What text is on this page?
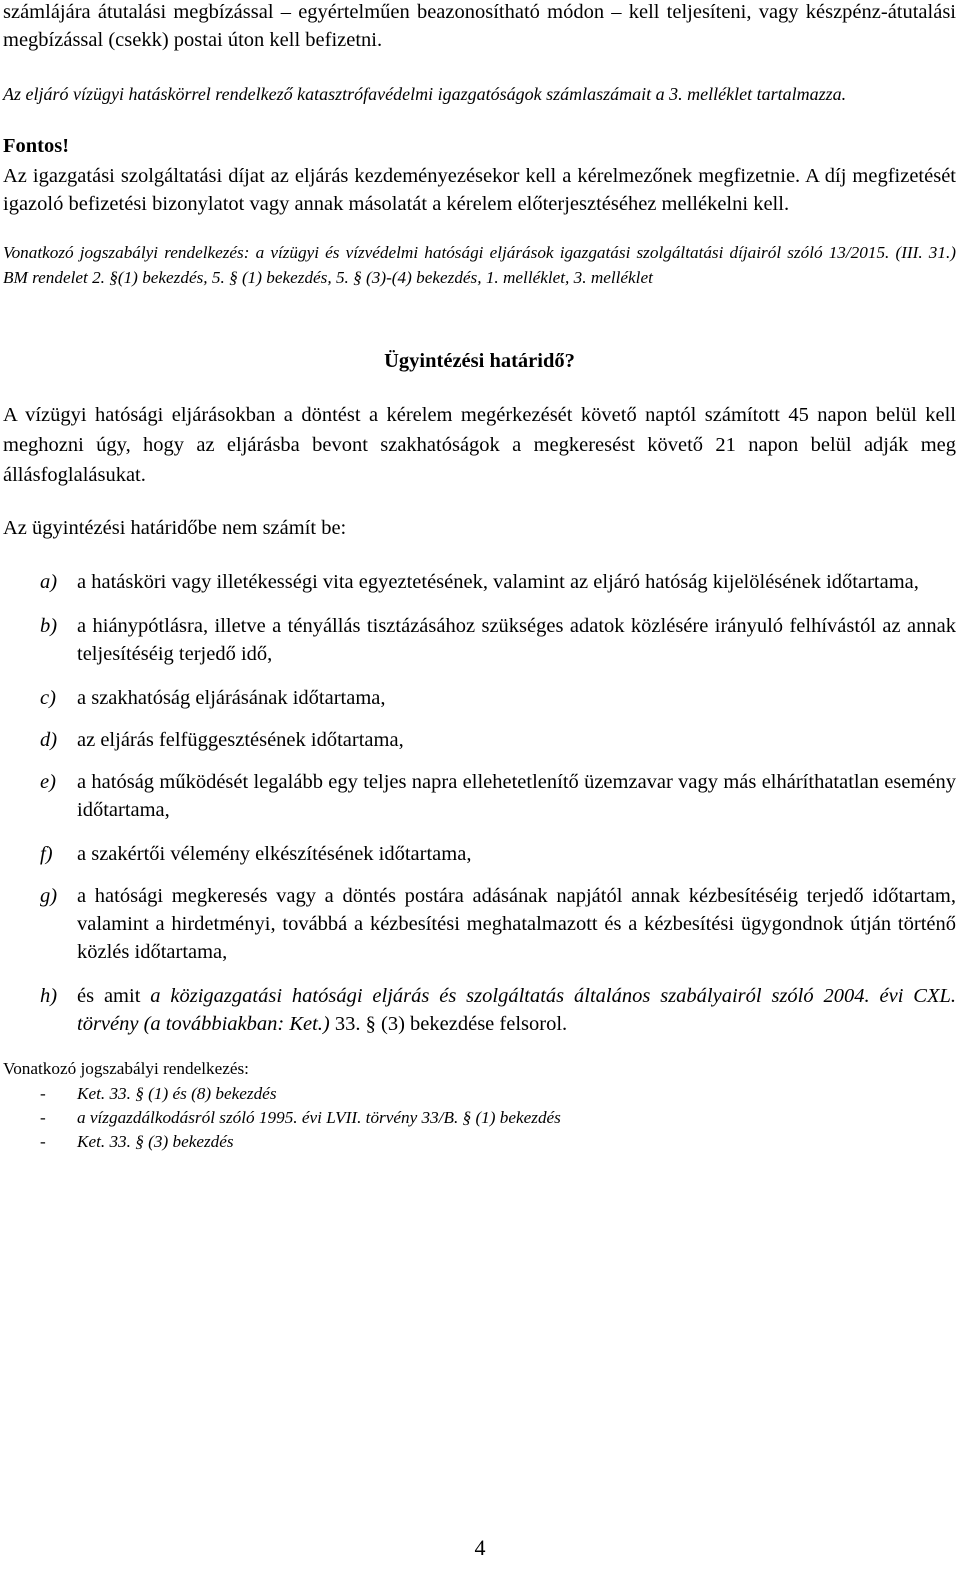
számlájára átutalási megbízással – egyértelműen beazonosítható módon – kell teljesíteni, vagy készpénz-átutalási megbízással (csekk) postai úton kell befizetni.

Az eljáró vízügyi hatáskörrel rendelkező katasztrófavédelmi igazgatóságok számlaszámait a 3. melléklet tartalmazza.

Fontos!

Az igazgatási szolgáltatási díjat az eljárás kezdeményezésekor kell a kérelmezőnek megfizetnie. A díj megfizetését igazoló befizetési bizonylatot vagy annak másolatát a kérelem előterjesztéséhez mellékelni kell.

Vonatkozó jogszabályi rendelkezés: a vízügyi és vízvédelmi hatósági eljárások igazgatási szolgáltatási díjairól szóló 13/2015. (III. 31.) BM rendelet 2. §(1) bekezdés, 5. § (1) bekezdés, 5. § (3)-(4) bekezdés, 1. melléklet, 3. melléklet

Ügyintézési határidő?

A vízügyi hatósági eljárásokban a döntést a kérelem megérkezését követő naptól számított 45 napon belül kell meghozni úgy, hogy az eljárásba bevont szakhatóságok a megkeresést követő 21 napon belül adják meg állásfoglalásukat.

Az ügyintézési határidőbe nem számít be:

a) a hatásköri vagy illetékességi vita egyeztetésének, valamint az eljáró hatóság kijelölésének időtartama,
b) a hiánypótlásra, illetve a tényállás tisztázásához szükséges adatok közlésére irányuló felhívástól az annak teljesítéséig terjedő idő,
c)	a szakhatóság eljárásának időtartama,
d) az eljárás felfüggesztésének időtartama,
e)	a hatóság működését legalább egy teljes napra ellehetetlenítő üzemzavar vagy más elháríthatatlan esemény időtartama,
f)	a szakértői vélemény elkészítésének időtartama,
g) a hatósági megkeresés vagy a döntés postára adásának napjától annak kézbesítéséig terjedő időtartam, valamint a hirdetményi, továbbá a kézbesítési meghatalmazott és a kézbesítési ügygondnok útján történő közlés időtartama,
h) és amit a közigazgatási hatósági eljárás és szolgáltatás általános szabályairól szóló 2004. évi CXL. törvény (a továbbiakban: Ket.) 33. § (3) bekezdése felsorol.

Vonatkozó jogszabályi rendelkezés:

-	Ket. 33. § (1) és (8) bekezdés
-	a vízgazdálkodásról szóló 1995. évi LVII. törvény 33/B. § (1) bekezdés
-	Ket. 33. § (3) bekezdés
4
